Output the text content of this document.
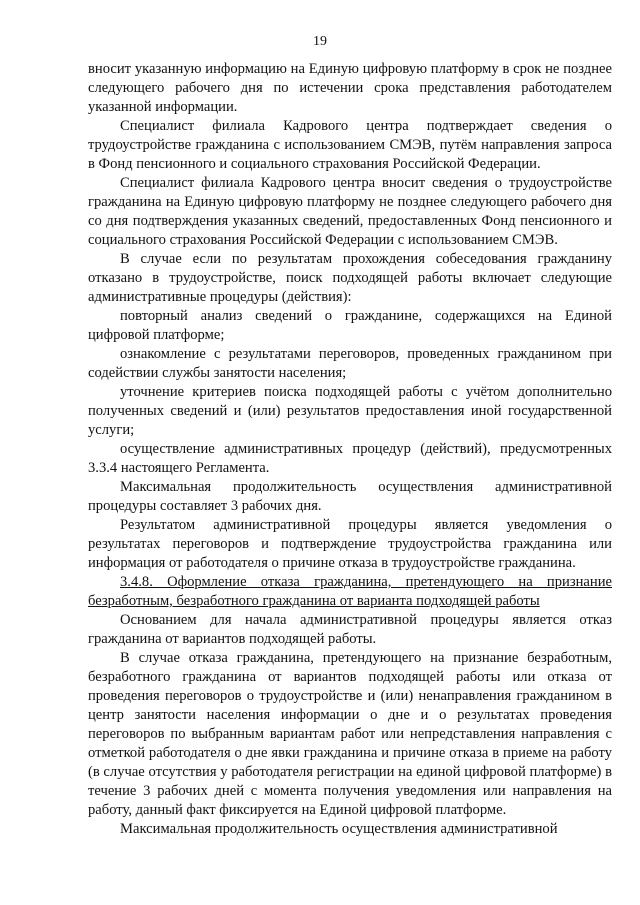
19

вносит указанную информацию на Единую цифровую платформу в срок не позднее следующего рабочего дня по истечении срока представления работодателем указанной информации.

Специалист филиала Кадрового центра подтверждает сведения о трудоустройстве гражданина с использованием СМЭВ, путём направления запроса в Фонд пенсионного и социального страхования Российской Федерации.

Специалист филиала Кадрового центра вносит сведения о трудоустройстве гражданина на Единую цифровую платформу не позднее следующего рабочего дня со дня подтверждения указанных сведений, предоставленных Фонд пенсионного и социального страхования Российской Федерации с использованием СМЭВ.

В случае если по результатам прохождения собеседования гражданину отказано в трудоустройстве, поиск подходящей работы включает следующие административные процедуры (действия):

повторный анализ сведений о гражданине, содержащихся на Единой цифровой платформе;

ознакомление с результатами переговоров, проведенных гражданином при содействии службы занятости населения;

уточнение критериев поиска подходящей работы с учётом дополнительно полученных сведений и (или) результатов предоставления иной государственной услуги;

осуществление административных процедур (действий), предусмотренных 3.3.4 настоящего Регламента.

Максимальная продолжительность осуществления административной процедуры составляет 3 рабочих дня.

Результатом административной процедуры является уведомления о результатах переговоров и подтверждение трудоустройства гражданина или информация от работодателя о причине отказа в трудоустройстве гражданина.

3.4.8. Оформление отказа гражданина, претендующего на признание безработным, безработного гражданина от варианта подходящей работы

Основанием для начала административной процедуры является отказ гражданина от вариантов подходящей работы.

В случае отказа гражданина, претендующего на признание безработным, безработного гражданина от вариантов подходящей работы или отказа от проведения переговоров о трудоустройстве и (или) ненаправления гражданином в центр занятости населения информации о дне и о результатах проведения переговоров по выбранным вариантам работ или непредставления направления с отметкой работодателя о дне явки гражданина и причине отказа в приеме на работу (в случае отсутствия у работодателя регистрации на единой цифровой платформе) в течение 3 рабочих дней с момента получения уведомления или направления на работу, данный факт фиксируется на Единой цифровой платформе.

Максимальная продолжительность осуществления административной
